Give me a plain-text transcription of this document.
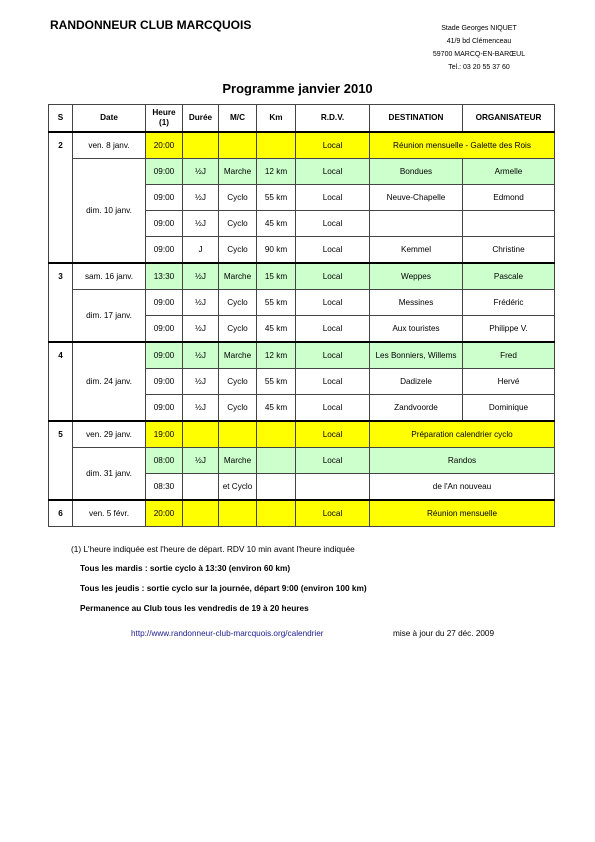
RANDONNEUR CLUB MARCQUOIS	Stade Georges NIQUET
41/9 bd Clémenceau
59700 MARCQ-EN-BARŒUL
Tel.: 03 20 55 37 60
Programme janvier 2010
S	Date	Heure (1)	Durée	M/C	Km	R.D.V.	DESTINATION	ORGANISATEUR
2	ven. 8 janv.	20:00				Local	Réunion mensuelle - Galette des Rois	
	dim. 10 janv.	09:00	½J	Marche	12 km	Local	Bondues	Armelle
		09:00	½J	Cyclo	55 km	Local	Neuve-Chapelle	Edmond
		09:00	½J	Cyclo	45 km	Local		
		09:00	J	Cyclo	90 km	Local	Kemmel	Christine
3	sam. 16 janv.	13:30	½J	Marche	15 km	Local	Weppes	Pascale
	dim. 17 janv.	09:00	½J	Cyclo	55 km	Local	Messines	Frédéric
		09:00	½J	Cyclo	45 km	Local	Aux touristes	Philippe V.
4	dim. 24 janv.	09:00	½J	Marche	12 km	Local	Les Bonniers, Willems	Fred
		09:00	½J	Cyclo	55 km	Local	Dadizele	Hervé
		09:00	½J	Cyclo	45 km	Local	Zandvoorde	Dominique
5	ven. 29 janv.	19:00				Local	Préparation calendrier cyclo	
	dim. 31 janv.	08:00	½J	Marche		Local	Randos	
		08:30		et Cyclo			de l'An nouveau	
6	ven. 5 févr.	20:00				Local	Réunion mensuelle	
(1) L'heure indiquée est l'heure de départ. RDV 10 min avant l'heure indiquée
Tous les mardis : sortie cyclo à 13:30 (environ 60 km)
Tous les jeudis : sortie cyclo sur la journée, départ 9:00 (environ 100 km)
Permanence au Club tous les vendredis de 19 à 20 heures
http://www.randonneur-club-marcquois.org/calendrier	mise à jour du 27 déc. 2009
